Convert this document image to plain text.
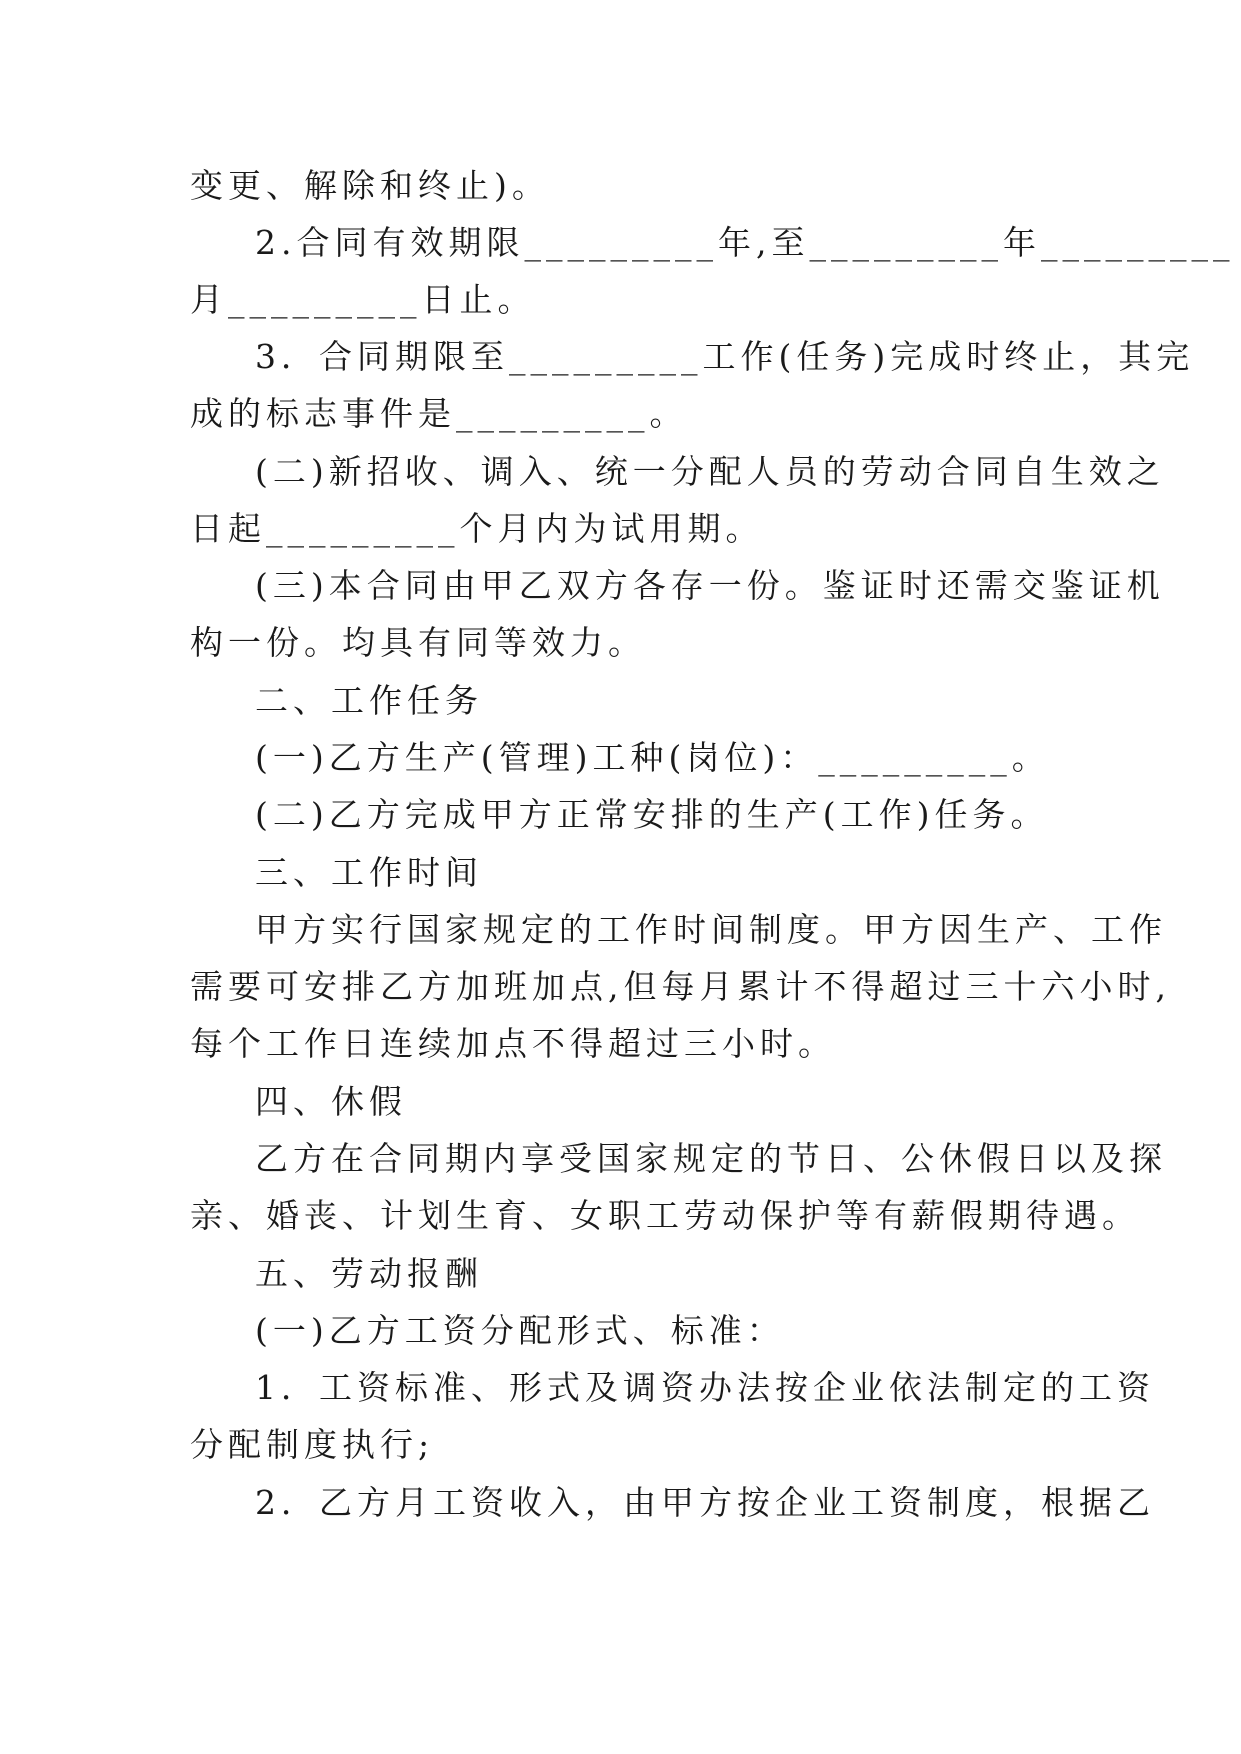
变更、解除和终止)。
2.合同有效期限_________年,至_________年_________
月_________日止。
3．合同期限至_________工作(任务)完成时终止，其完
成的标志事件是_________。
(二)新招收、调入、统一分配人员的劳动合同自生效之
日起_________个月内为试用期。
(三)本合同由甲乙双方各存一份。鉴证时还需交鉴证机
构一份。均具有同等效力。
二、工作任务
(一)乙方生产(管理)工种(岗位)：_________。
(二)乙方完成甲方正常安排的生产(工作)任务。
三、工作时间
甲方实行国家规定的工作时间制度。甲方因生产、工作
需要可安排乙方加班加点,但每月累计不得超过三十六小时,
每个工作日连续加点不得超过三小时。
四、休假
乙方在合同期内享受国家规定的节日、公休假日以及探
亲、婚丧、计划生育、女职工劳动保护等有薪假期待遇。
五、劳动报酬
(一)乙方工资分配形式、标准：
1．工资标准、形式及调资办法按企业依法制定的工资
分配制度执行;
2．乙方月工资收入，由甲方按企业工资制度，根据乙
